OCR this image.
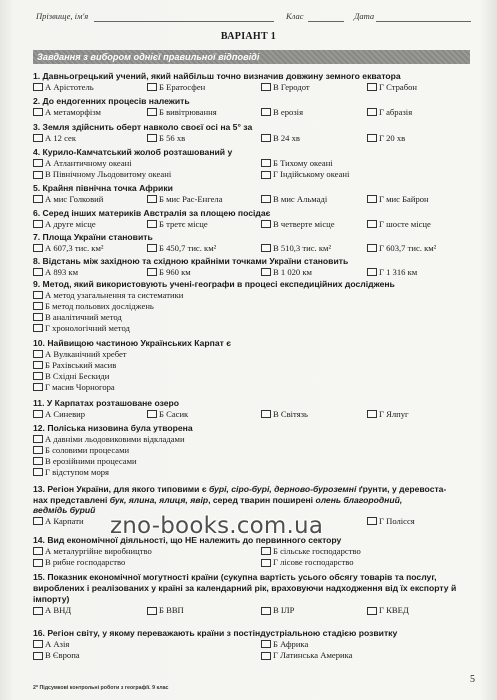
Прізвище, ім'я	Клас	Дата
ВАРІАНТ 1
Завдання з вибором однієї правильної відповіді
1. Давньогрецький учений, який найбільш точно визначив довжину земного екватора
А Арістотель	Б Ератосфен	В Геродот	Г Страбон
2. До ендогенних процесів належить
А метаморфізм	Б вивітрювання	В ерозія	Г абразія
3. Земля здійснить оберт навколо своєї осі на 5° за
А 12 сек	Б 56 хв	В 24 хв	Г 20 хв
4. Курило-Камчатський жолоб розташований у
А Атлантичному океані	Б Тихому океані
В Північному Льодовитому океані	Г Індійському океані
5. Крайня північна точка Африки
А мис Голковий	Б мис Рас-Енгела	В мис Альмаді	Г мис Байрон
6. Серед інших материків Австралія за площею посідає
А друге місце	Б третє місце	В четверте місце	Г шосте місце
7. Площа України становить
А 607,3 тис. км²	Б 450,7 тис. км²	В 510,3 тис. км²	Г 603,7 тис. км²
8. Відстань між західною та східною крайніми точками України становить
А 893 км	Б 960 км	В 1 020 км	Г 1 316 км
9. Метод, який використовують учені-географи в процесі експедиційних досліджень
А метод узагальнення та систематики
Б метод польових досліджень
В аналітичний метод
Г хронологічний метод
10. Найвищою частиною Українських Карпат є
А Вулканічний хребет
Б Рахівський масив
В Східні Бескиди
Г масив Чорногора
11. У Карпатах розташоване озеро
А Синевир	Б Сасик	В Світязь	Г Ялпуг
12. Поліська низовина була утворена
А давніми льодовиковими відкладами
Б соловими процесами
В ерозійними процесами
Г відступом моря
13. Регіон України, для якого типовими є бурі, сіро-бурі, дерново-буроземні ґрунти, у деревоста-
нах представлені бук, ялина, ялиця, явір, серед тварин поширені олень благородний,
ведмідь бурий
А Карпати	Г Полісся
14. Вид економічної діяльності, що НЕ належить до первинного сектору
А металургійне виробництво	Б сільське господарство
В рибне господарство	Г лісове господарство
15. Показник економічної могутності країни (сукупна вартість усього обсягу товарів та послуг, вироблених і реалізованих у країні за календарний рік, враховуючи надходження від їх експорту й імпорту)
А ВНД	Б ВВП	В ІЛР	Г КВЕД
16. Регіон світу, у якому переважають країни з постіндустріальною стадією розвитку
А Азія	Б Африка
В Європа	Г Латинська Америка
zno-books.com.ua
2* Підсумкові контрольні роботи з географії. 9 клас
5
